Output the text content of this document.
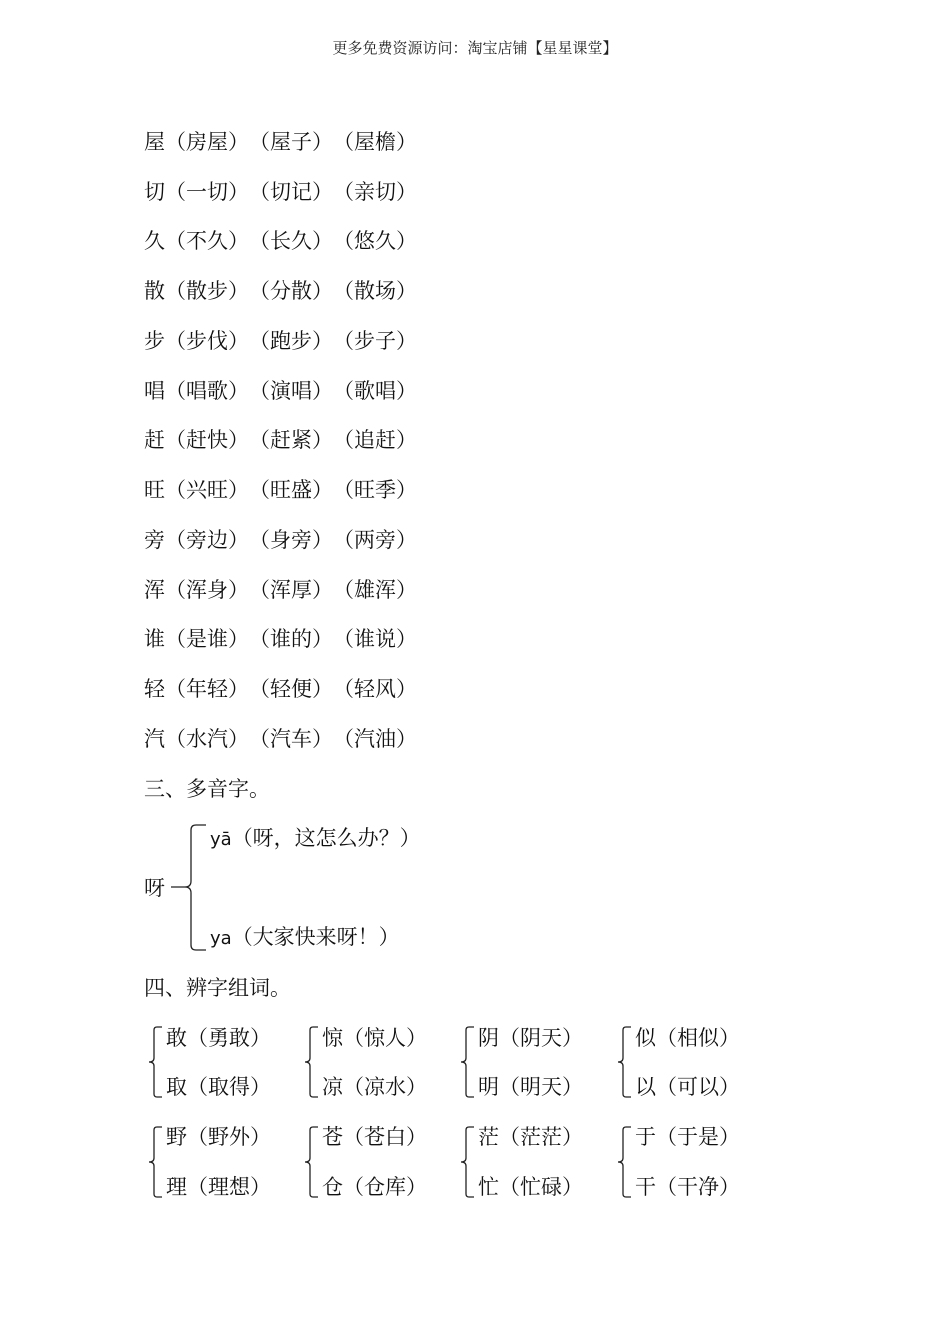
更多免费资源访问：淘宝店铺【星星课堂】
屋（房屋）（屋子）（屋檐）
切（一切）（切记）（亲切）
久（不久）（长久）（悠久）
散（散步）（分散）（散场）
步（步伐）（跑步）（步子）
唱（唱歌）（演唱）（歌唱）
赶（赶快）（赶紧）（追赶）
旺（兴旺）（旺盛）（旺季）
旁（旁边）（身旁）（两旁）
浑（浑身）（浑厚）（雄浑）
谁（是谁）（谁的）（谁说）
轻（年轻）（轻便）（轻风）
汽（水汽）（汽车）（汽油）
三、多音字。
呀
yā（呀，这怎么办？）
ya（大家快来呀！）
四、辨字组词。
敢（勇敢）
取（取得）
惊（惊人）
凉（凉水）
阴（阴天）
明（明天）
似（相似）
以（可以）
野（野外）
理（理想）
苍（苍白）
仓（仓库）
茫（茫茫）
忙（忙碌）
于（于是）
干（干净）
